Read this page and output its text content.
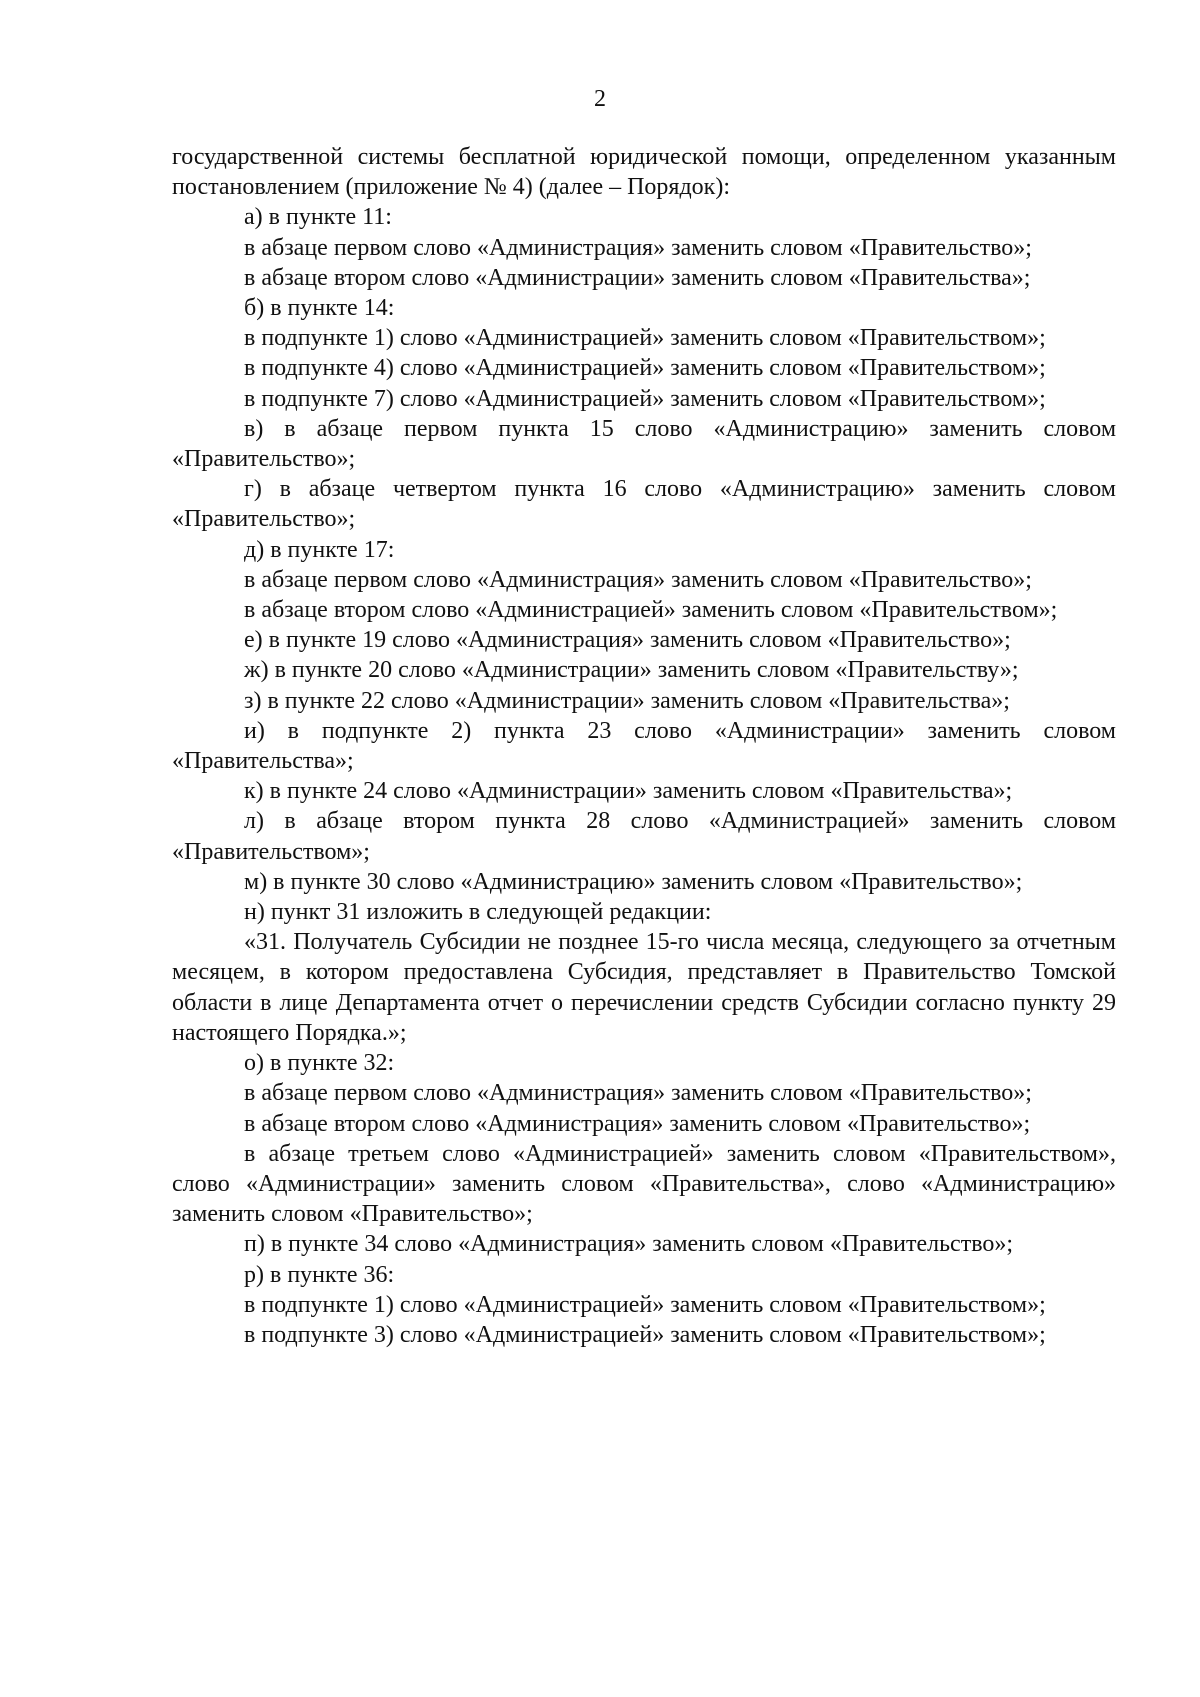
2

государственной системы бесплатной юридической помощи, определенном указанным постановлением (приложение № 4) (далее – Порядок):

а) в пункте 11:

в абзаце первом слово «Администрация» заменить словом «Правительство»;

в абзаце втором слово «Администрации» заменить словом «Правительства»;

б) в пункте 14:

в подпункте 1) слово «Администрацией» заменить словом «Правительством»;

в подпункте 4) слово «Администрацией» заменить словом «Правительством»;

в подпункте 7) слово «Администрацией» заменить словом «Правительством»;

в) в абзаце первом пункта 15 слово «Администрацию» заменить словом «Правительство»;

г) в абзаце четвертом пункта 16 слово «Администрацию» заменить словом «Правительство»;

д) в пункте 17:

в абзаце первом слово «Администрация» заменить словом «Правительство»;

в абзаце втором слово «Администрацией» заменить словом «Правительством»;

е) в пункте 19 слово «Администрация» заменить словом «Правительство»;

ж) в пункте 20 слово «Администрации» заменить словом «Правительству»;

з) в пункте 22 слово «Администрации» заменить словом «Правительства»;

и) в подпункте 2) пункта 23 слово «Администрации» заменить словом «Правительства»;

к) в пункте 24 слово «Администрации» заменить словом «Правительства»;

л) в абзаце втором пункта 28 слово «Администрацией» заменить словом «Правительством»;

м) в пункте 30 слово «Администрацию» заменить словом «Правительство»;

н) пункт 31 изложить в следующей редакции:

«31. Получатель Субсидии не позднее 15-го числа месяца, следующего за отчетным месяцем, в котором предоставлена Субсидия, представляет в Правительство Томской области в лице Департамента отчет о перечислении средств Субсидии согласно пункту 29 настоящего Порядка.»;

о) в пункте 32:

в абзаце первом слово «Администрация» заменить словом «Правительство»;

в абзаце втором слово «Администрация» заменить словом «Правительство»;

в абзаце третьем слово «Администрацией» заменить словом «Правительством», слово «Администрации» заменить словом «Правительства», слово «Администрацию» заменить словом «Правительство»;

п) в пункте 34 слово «Администрация» заменить словом «Правительство»;

р) в пункте 36:

в подпункте 1) слово «Администрацией» заменить словом «Правительством»;

в подпункте 3) слово «Администрацией» заменить словом «Правительством»;
